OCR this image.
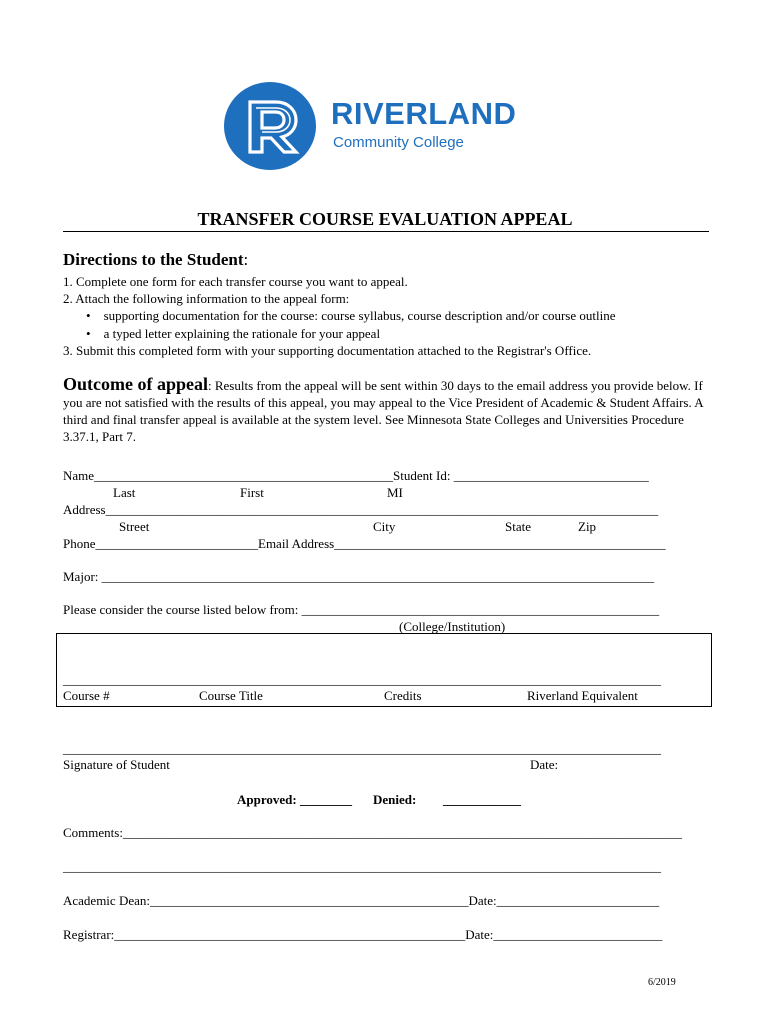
RIVERLAND
Community College
TRANSFER COURSE EVALUATION APPEAL
Directions to the Student:
1. Complete one form for each transfer course you want to appeal.
2. Attach the following information to the appeal form:
• supporting documentation for the course: course syllabus, course description and/or course outline
• a typed letter explaining the rationale for your appeal
3. Submit this completed form with your supporting documentation attached to the Registrar's Office.
Outcome of appeal: Results from the appeal will be sent within 30 days to the email address you provide below. If you are not satisfied with the results of this appeal, you may appeal to the Vice President of Academic & Student Affairs. A third and final transfer appeal is available at the system level. See Minnesota State Colleges and Universities Procedure 3.37.1, Part 7.
Name______________________________________________Student Id: ______________________________
Last	First	MI
Address_____________________________________________________________________________________
Street	City	State	Zip
Phone_________________________Email Address___________________________________________________
Major: _____________________________________________________________________________________
Please consider the course listed below from: _______________________________________________________
(College/Institution)
____________________________________________________________________________________________
Course #	Course Title	Credits	Riverland Equivalent
____________________________________________________________________________________________
Signature of Student	Date:
Approved: ________ Denied: ____________
Comments:______________________________________________________________________________________
____________________________________________________________________________________________
Academic Dean:_________________________________________________Date:_________________________
Registrar:______________________________________________________Date:__________________________
6/2019
